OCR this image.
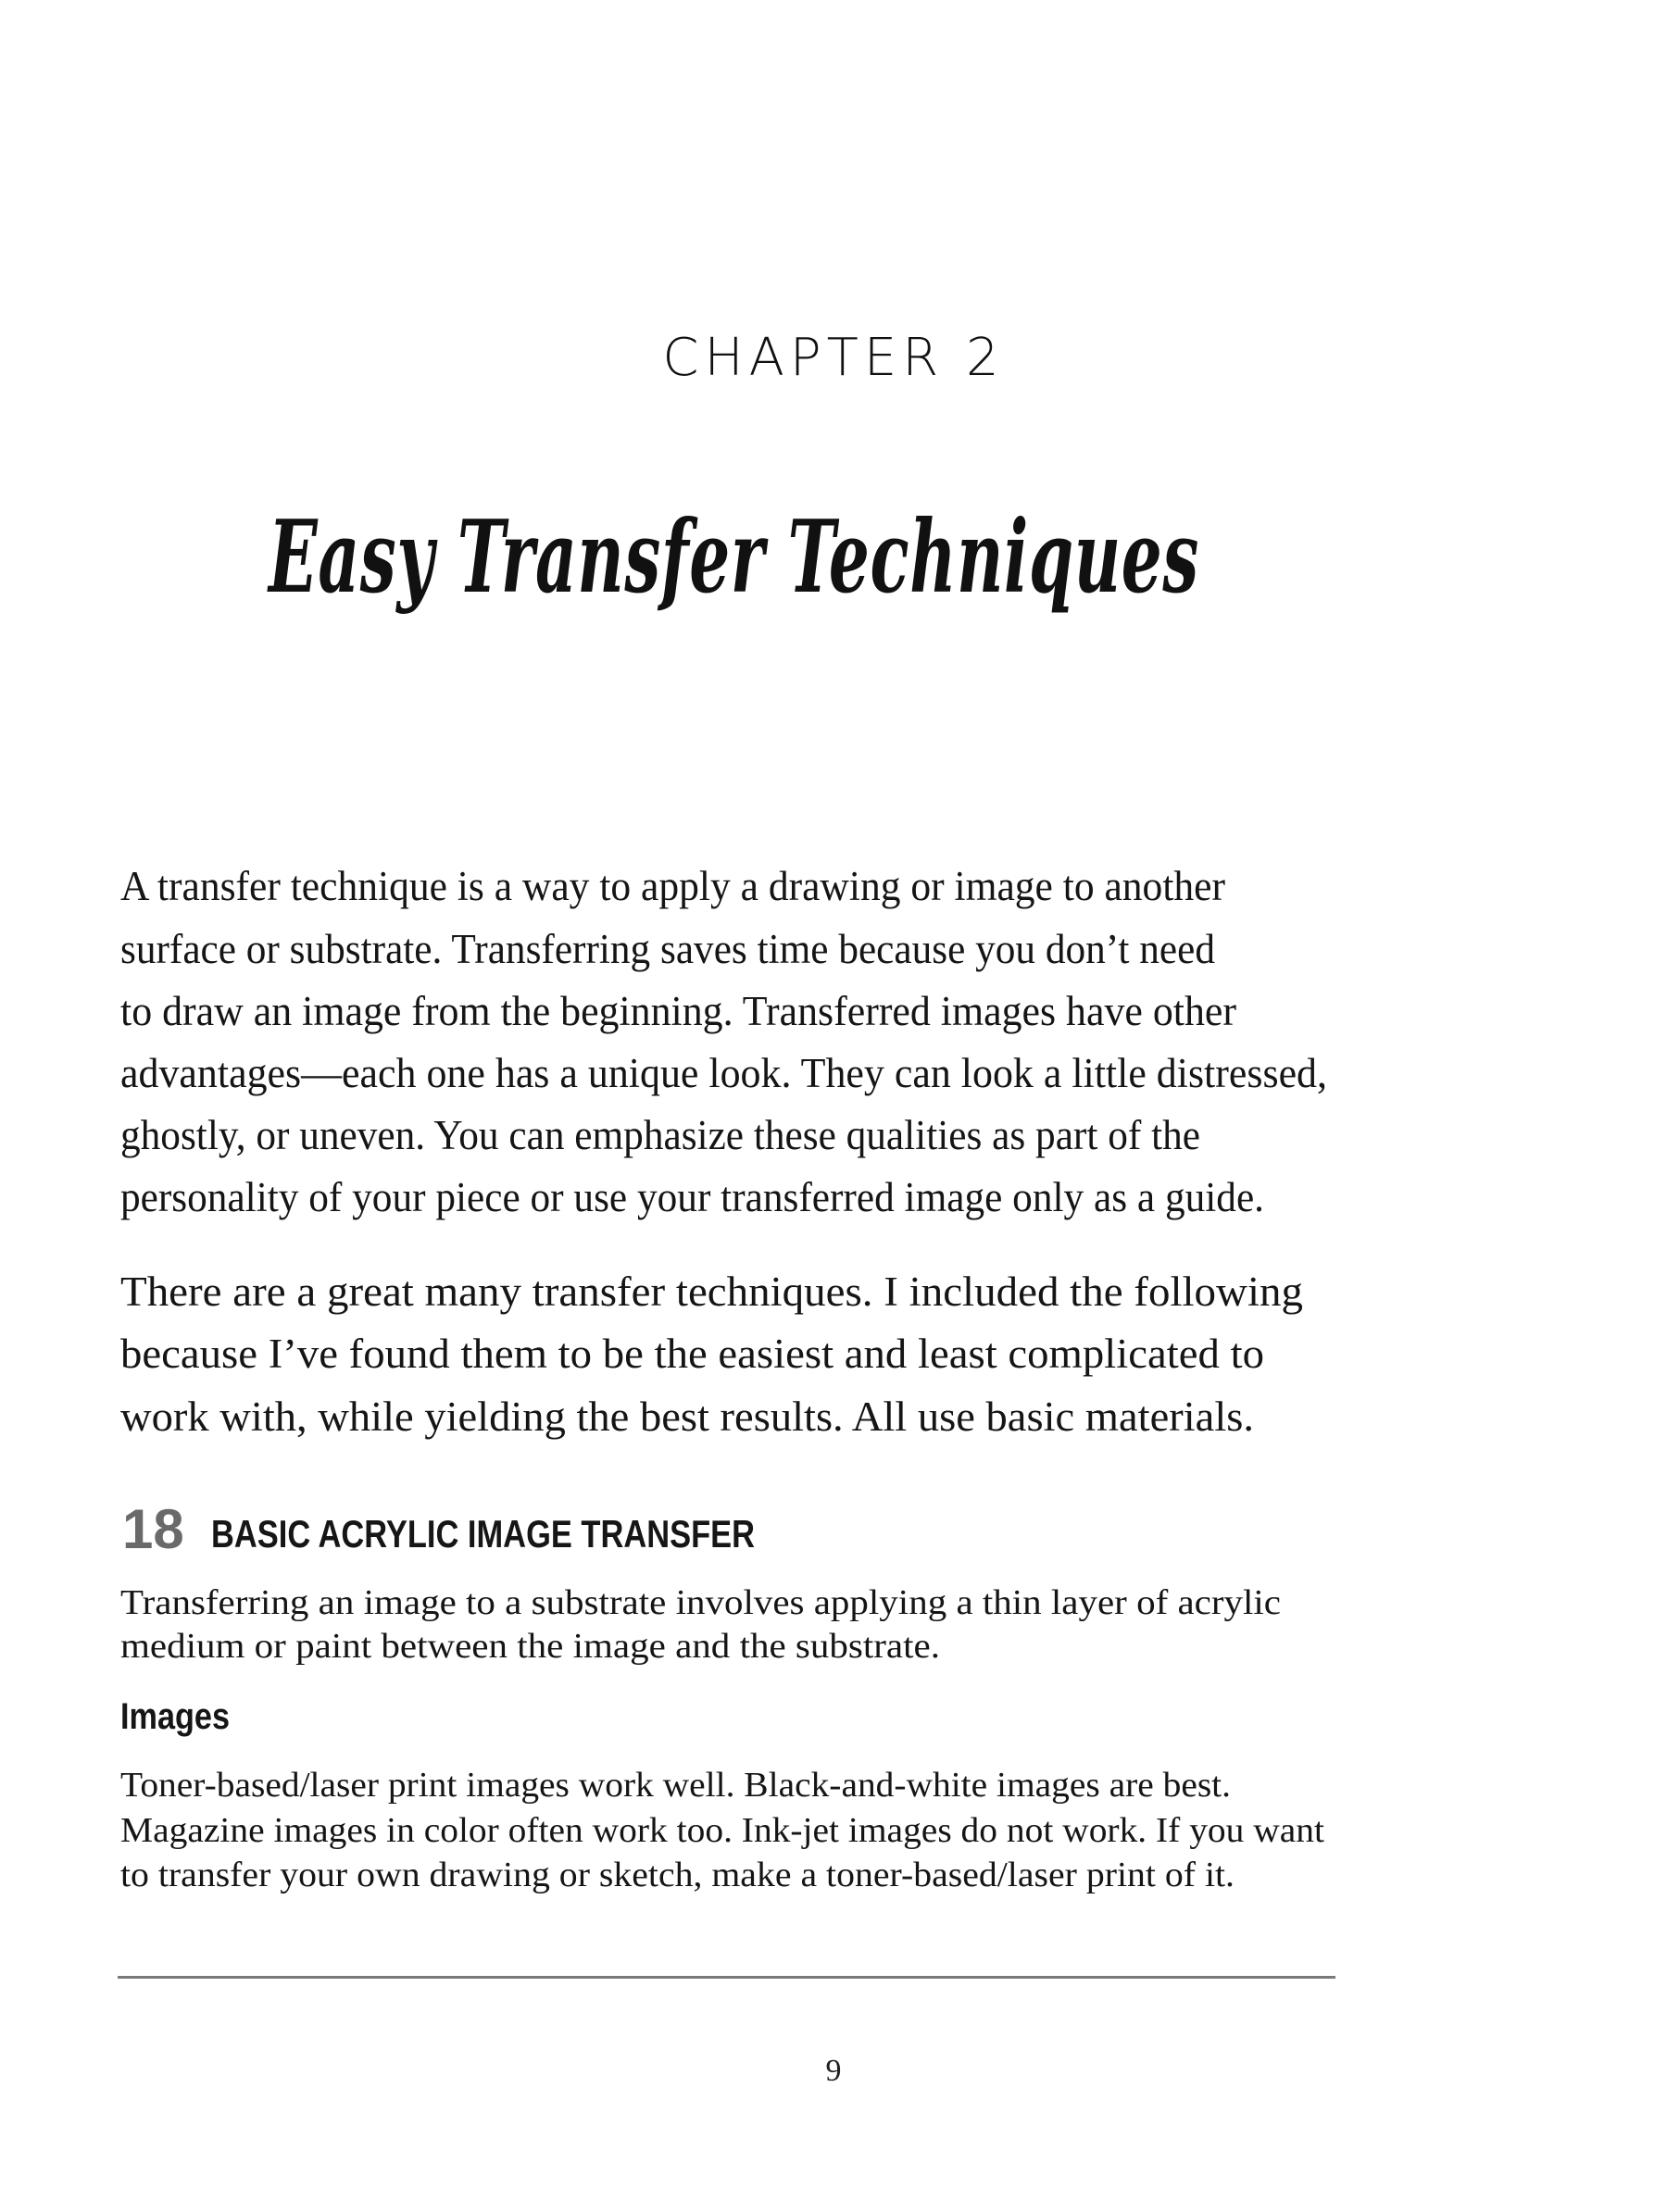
CHAPTER 2
Easy Transfer Techniques
A transfer technique is a way to apply a drawing or image to another
surface or substrate. Transferring saves time because you don’t need
to draw an image from the beginning. Transferred images have other
advantages—each one has a unique look. They can look a little distressed,
ghostly, or uneven. You can emphasize these qualities as part of the
personality of your piece or use your transferred image only as a guide.
There are a great many transfer techniques. I included the following
because I’ve found them to be the easiest and least complicated to
work with, while yielding the best results. All use basic materials.
18 BASIC ACRYLIC IMAGE TRANSFER
Transferring an image to a substrate involves applying a thin layer of acrylic
medium or paint between the image and the substrate.
Images
Toner-based/laser print images work well. Black-and-white images are best.
Magazine images in color often work too. Ink-jet images do not work. If you want
to transfer your own drawing or sketch, make a toner-based/laser print of it.
9
